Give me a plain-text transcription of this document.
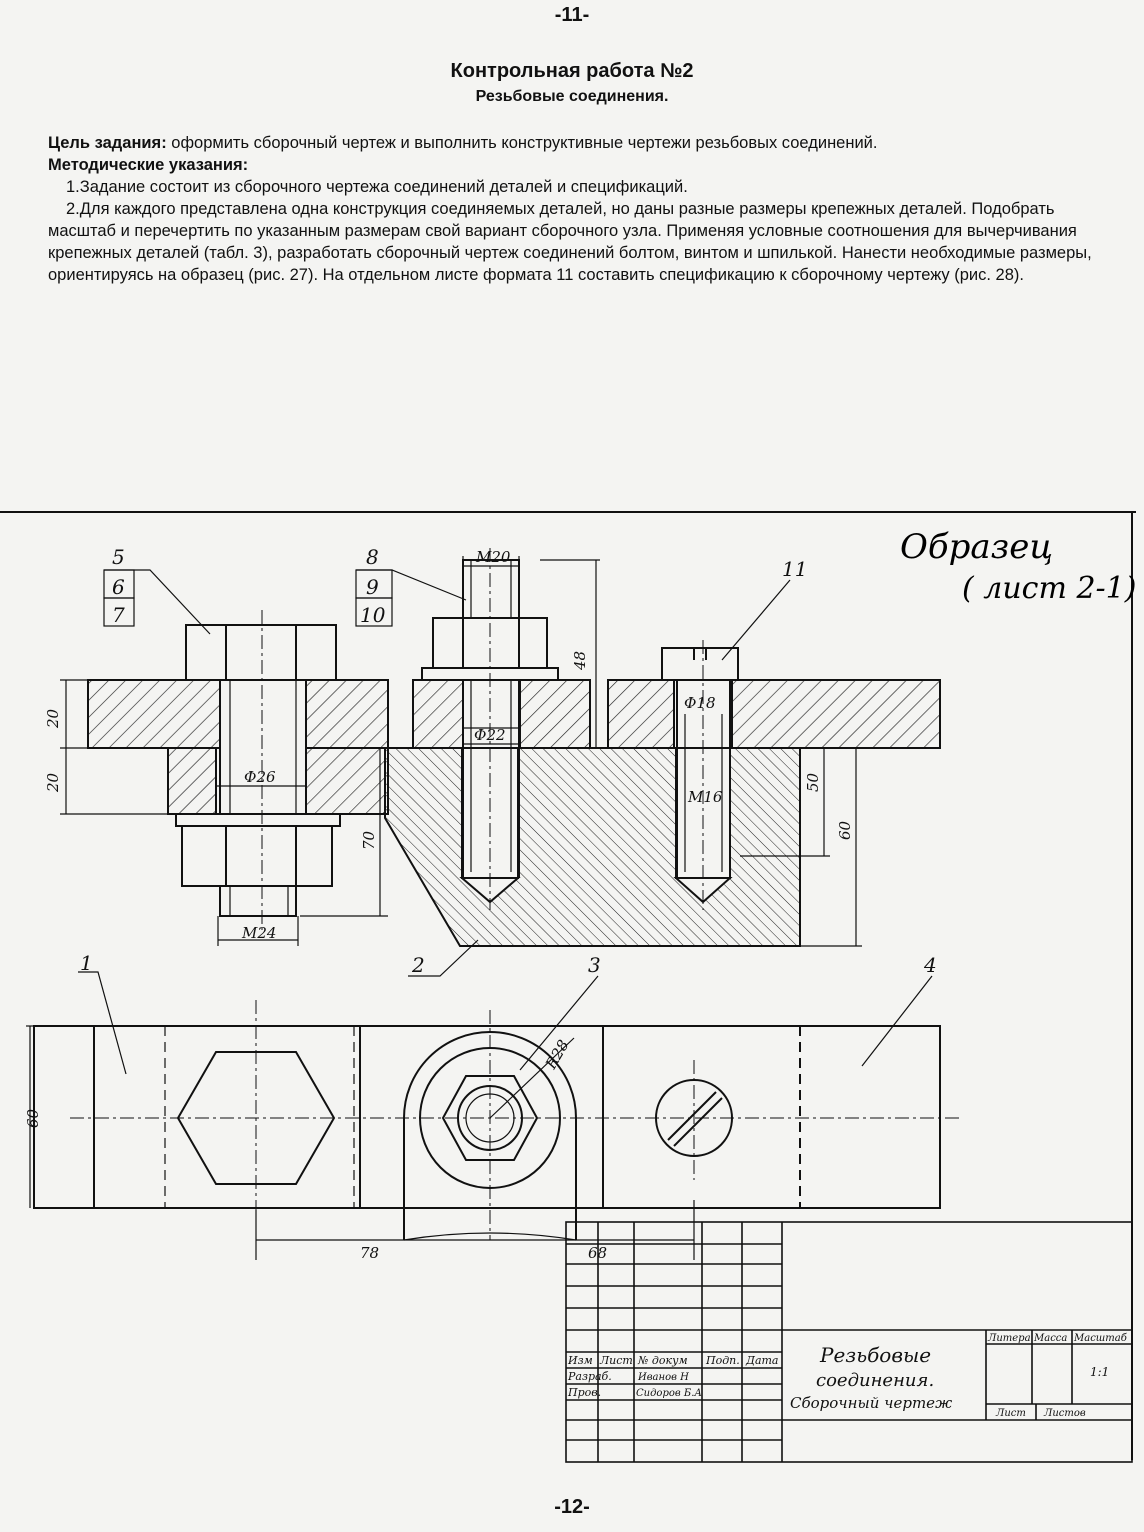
-11-
Контрольная работа №2
Резьбовые соединения.

Цель задания: оформить сборочный чертеж и выполнить конструктивные чертежи резьбовых соединений.

Методические указания:

1.Задание состоит из сборочного чертежа соединений деталей и спецификаций.

2.Для каждого представлена одна конструкция соединяемых деталей, но даны разные размеры крепежных деталей. Подобрать масштаб и перечертить по указанным размерам свой вариант сборочного узла. Применяя условные соотношения для вычерчивания крепежных деталей (табл. 3), разработать сборочный чертеж соединений болтом, винтом и шпилькой. Нанести необходимые размеры, ориентируясь на образец (рис. 27). На отдельном листе формата 11 составить спецификацию к сборочному чертежу (рис. 28).

Образец
( лист 2-1)
5
6
7
8
9
10
11
1	2	3	4
M20
48
Ф18
Ф22
Ф26
M16
50
60
70
M24
20
20
60
R28
78	68
Изм Лист № докум Подп. Дата
Разраб.	Иванов Н
Пров.	Сидоров Б.А
Резьбовые
соединения.
Сборочный чертеж
Литера Масса Масштаб
1:1
Лист Листов
-12-
